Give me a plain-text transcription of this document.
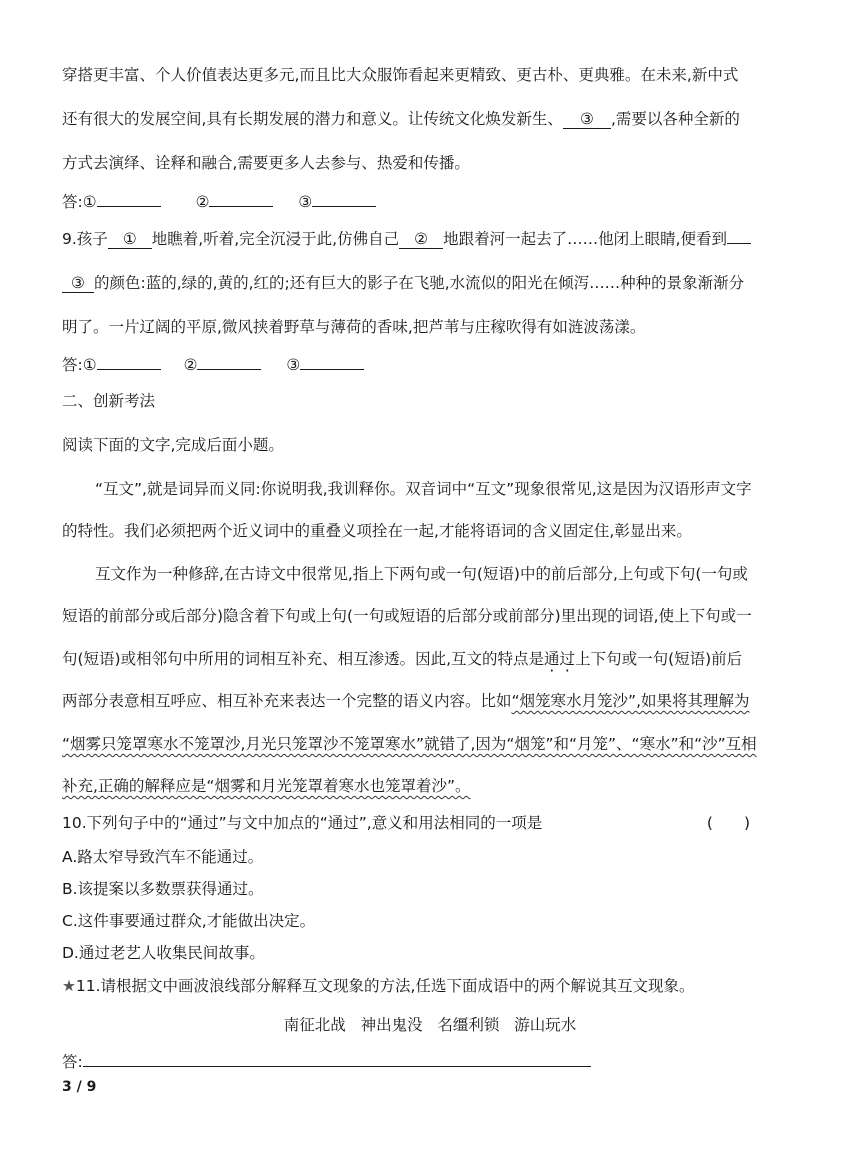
穿搭更丰富、个人价值表达更多元,而且比大众服饰看起来更精致、更古朴、更典雅。在未来,新中式
还有很大的发展空间,具有长期发展的潜力和意义。让传统文化焕发新生、 ③ ,需要以各种全新的
方式去演绎、诠释和融合,需要更多人去参与、热爱和传播。
答:①	②	③
9.孩子 ① 地瞧着,听着,完全沉浸于此,仿佛自己 ② 地跟着河一起去了……他闭上眼睛,便看到
③ 的颜色:蓝的,绿的,黄的,红的;还有巨大的影子在飞驰,水流似的阳光在倾泻……种种的景象渐渐分
明了。一片辽阔的平原,微风挟着野草与薄荷的香味,把芦苇与庄稼吹得有如涟波荡漾。
答:①	②	③
二、创新考法
阅读下面的文字,完成后面小题。
“互文”,就是词异而义同:你说明我,我训释你。双音词中“互文”现象很常见,这是因为汉语形声文字
的特性。我们必须把两个近义词中的重叠义项拴在一起,才能将语词的含义固定住,彰显出来。
互文作为一种修辞,在古诗文中很常见,指上下两句或一句(短语)中的前后部分,上句或下句(一句或
短语的前部分或后部分)隐含着下句或上句(一句或短语的后部分或前部分)里出现的词语,使上下句或一
句(短语)或相邻句中所用的词相互补充、相互渗透。因此,互文的特点是通过上下句或一句(短语)前后
两部分表意相互呼应、相互补充来表达一个完整的语义内容。比如“烟笼寒水月笼沙”,如果将其理解为
“烟雾只笼罩寒水不笼罩沙,月光只笼罩沙不笼罩寒水”就错了,因为“烟笼”和“月笼”、“寒水”和“沙”互相
补充,正确的解释应是“烟雾和月光笼罩着寒水也笼罩着沙”。
10.下列句子中的“通过”与文中加点的“通过”,意义和用法相同的一项是	(　　)
A.路太窄导致汽车不能通过。
B.该提案以多数票获得通过。
C.这件事要通过群众,才能做出决定。
D.通过老艺人收集民间故事。
★11.请根据文中画波浪线部分解释互文现象的方法,任选下面成语中的两个解说其互文现象。
南征北战 神出鬼没 名缰利锁 游山玩水
答:
3 / 9
